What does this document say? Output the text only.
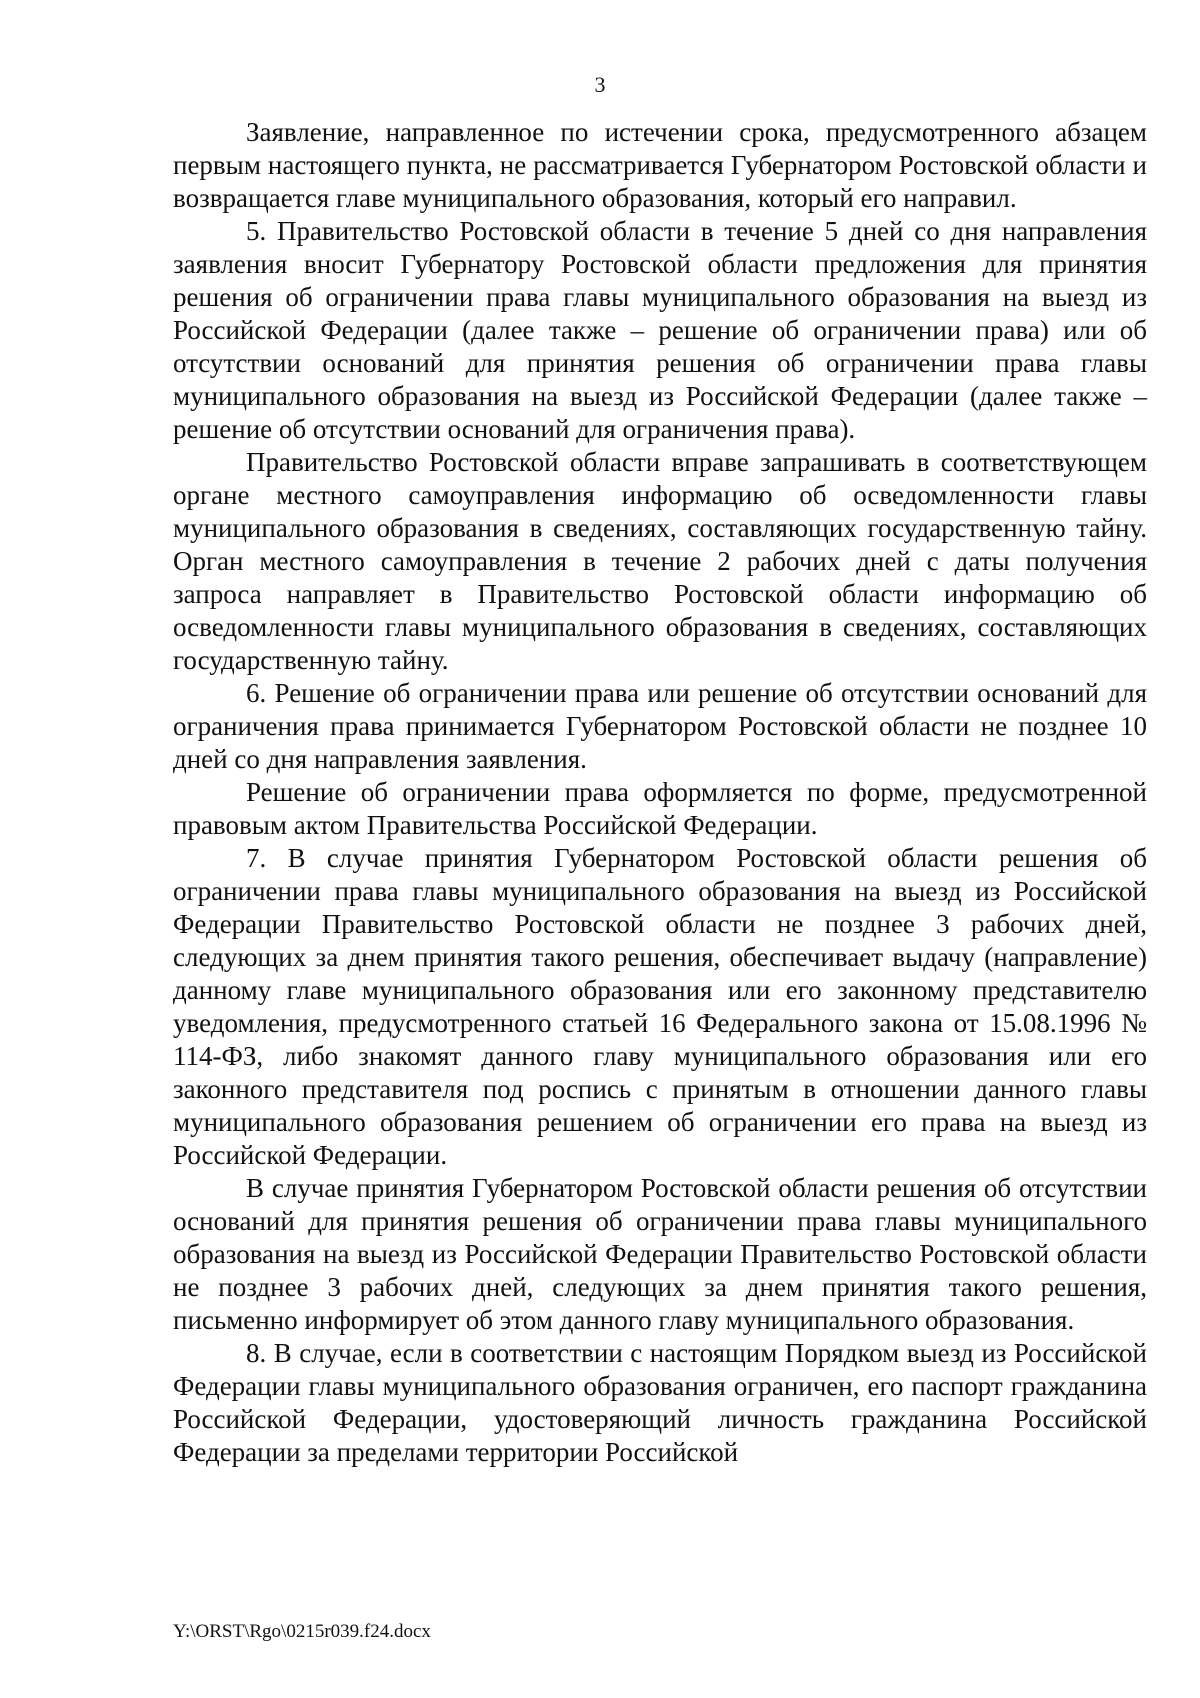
3

Заявление, направленное по истечении срока, предусмотренного абзацем первым настоящего пункта, не рассматривается Губернатором Ростовской области и возвращается главе муниципального образования, который его направил.

5. Правительство Ростовской области в течение 5 дней со дня направления заявления вносит Губернатору Ростовской области предложения для принятия решения об ограничении права главы муниципального образования на выезд из Российской Федерации (далее также – решение об ограничении права) или об отсутствии оснований для принятия решения об ограничении права главы муниципального образования на выезд из Российской Федерации (далее также – решение об отсутствии оснований для ограничения права).

Правительство Ростовской области вправе запрашивать в соответствующем органе местного самоуправления информацию об осведомленности главы муниципального образования в сведениях, составляющих государственную тайну. Орган местного самоуправления в течение 2 рабочих дней с даты получения запроса направляет в Правительство Ростовской области информацию об осведомленности главы муниципального образования в сведениях, составляющих государственную тайну.

6. Решение об ограничении права или решение об отсутствии оснований для ограничения права принимается Губернатором Ростовской области не позднее 10 дней со дня направления заявления.

Решение об ограничении права оформляется по форме, предусмотренной правовым актом Правительства Российской Федерации.

7. В случае принятия Губернатором Ростовской области решения об ограничении права главы муниципального образования на выезд из Российской Федерации Правительство Ростовской области не позднее 3 рабочих дней, следующих за днем принятия такого решения, обеспечивает выдачу (направление) данному главе муниципального образования или его законному представителю уведомления, предусмотренного статьей 16 Федерального закона от 15.08.1996 № 114-ФЗ, либо знакомят данного главу муниципального образования или его законного представителя под роспись с принятым в отношении данного главы муниципального образования решением об ограничении его права на выезд из Российской Федерации.

В случае принятия Губернатором Ростовской области решения об отсутствии оснований для принятия решения об ограничении права главы муниципального образования на выезд из Российской Федерации Правительство Ростовской области не позднее 3 рабочих дней, следующих за днем принятия такого решения, письменно информирует об этом данного главу муниципального образования.

8. В случае, если в соответствии с настоящим Порядком выезд из Российской Федерации главы муниципального образования ограничен, его паспорт гражданина Российской Федерации, удостоверяющий личность гражданина Российской Федерации за пределами территории Российской

Y:\ORST\Rgo\0215r039.f24.docx
